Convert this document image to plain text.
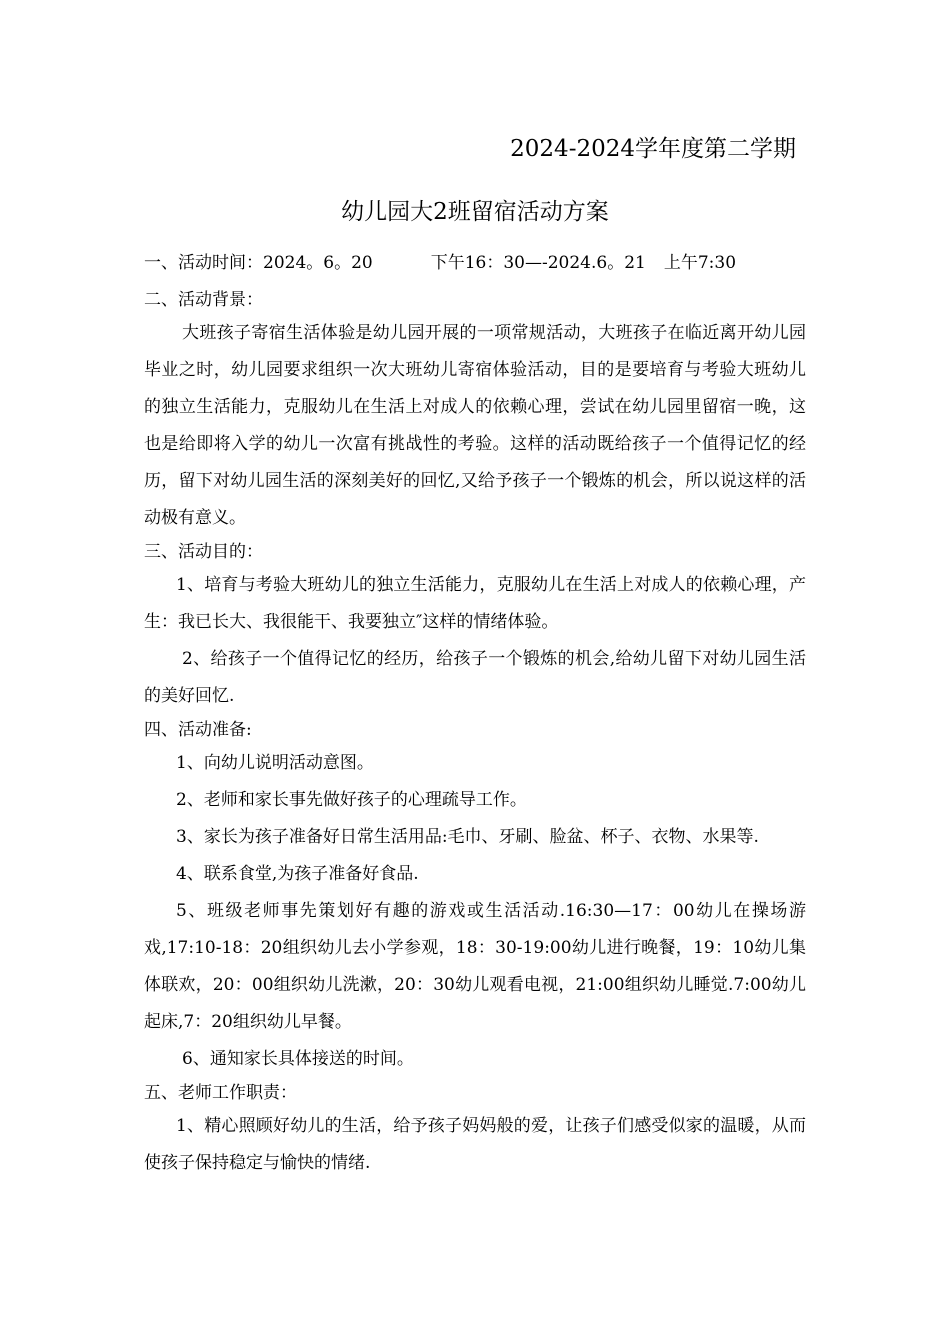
2024-2024学年度第二学期
幼儿园大2班留宿活动方案
一、活动时间：2024。6。20	下午16：30—-2024.6。21 上午7:30
二、活动背景：
大班孩子寄宿生活体验是幼儿园开展的一项常规活动，大班孩子在临近离开幼儿园毕业之时，幼儿园要求组织一次大班幼儿寄宿体验活动，目的是要培育与考验大班幼儿的独立生活能力，克服幼儿在生活上对成人的依赖心理，尝试在幼儿园里留宿一晚，这也是给即将入学的幼儿一次富有挑战性的考验。这样的活动既给孩子一个值得记忆的经历，留下对幼儿园生活的深刻美好的回忆,又给予孩子一个锻炼的机会，所以说这样的活动极有意义。
三、活动目的：
1、培育与考验大班幼儿的独立生活能力，克服幼儿在生活上对成人的依赖心理，产生：我已长大、我很能干、我要独立″这样的情绪体验。
2、给孩子一个值得记忆的经历，给孩子一个锻炼的机会,给幼儿留下对幼儿园生活的美好回忆.
四、活动准备:
1、向幼儿说明活动意图。
2、老师和家长事先做好孩子的心理疏导工作。
3、家长为孩子准备好日常生活用品:毛巾、牙刷、脸盆、杯子、衣物、水果等.
4、联系食堂,为孩子准备好食品.
5、班级老师事先策划好有趣的游戏或生活活动.16:30—17：00幼儿在操场游戏,17:10-18：20组织幼儿去小学参观，18：30-19:00幼儿进行晚餐，19：10幼儿集体联欢，20：00组织幼儿洗漱，20：30幼儿观看电视，21:00组织幼儿睡觉.7:00幼儿起床,7：20组织幼儿早餐。
6、通知家长具体接送的时间。
五、老师工作职责：
1、精心照顾好幼儿的生活，给予孩子妈妈般的爱，让孩子们感受似家的温暖，从而使孩子保持稳定与愉快的情绪.
